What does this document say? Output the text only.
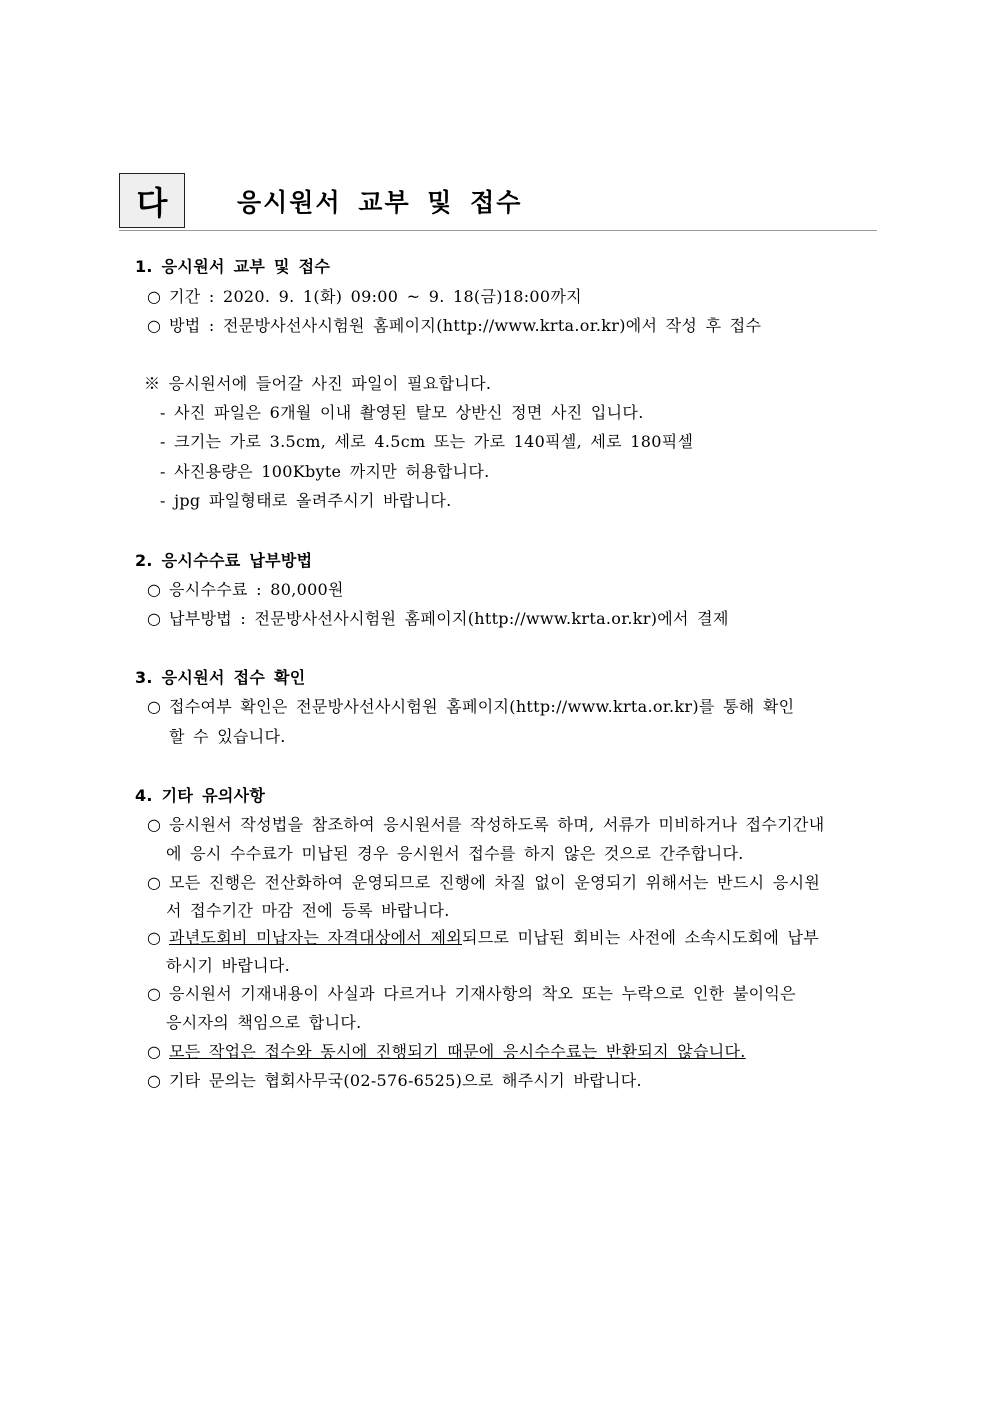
다	응시원서 교부 및 접수
1. 응시원서 교부 및 접수
○ 기간 : 2020. 9. 1(화) 09:00 ~ 9. 18(금)18:00까지
○ 방법 : 전문방사선사시험원 홈페이지(http://www.krta.or.kr)에서 작성 후 접수
※ 응시원서에 들어갈 사진 파일이 필요합니다.
- 사진 파일은 6개월 이내 촬영된 탈모 상반신 정면 사진 입니다.
- 크기는 가로 3.5cm, 세로 4.5cm 또는 가로 140픽셀, 세로 180픽셀
- 사진용량은 100Kbyte 까지만 허용합니다.
- jpg 파일형태로 올려주시기 바랍니다.
2. 응시수수료 납부방법
○ 응시수수료 : 80,000원
○ 납부방법 : 전문방사선사시험원 홈페이지(http://www.krta.or.kr)에서 결제
3. 응시원서 접수 확인
○ 접수여부 확인은 전문방사선사시험원 홈페이지(http://www.krta.or.kr)를 통해 확인
할 수 있습니다.
4. 기타 유의사항
○ 응시원서 작성법을 참조하여 응시원서를 작성하도록 하며, 서류가 미비하거나 접수기간내
에 응시 수수료가 미납된 경우 응시원서 접수를 하지 않은 것으로 간주합니다.
○ 모든 진행은 전산화하여 운영되므로 진행에 차질 없이 운영되기 위해서는 반드시 응시원
서 접수기간 마감 전에 등록 바랍니다.
○ 과년도회비 미납자는 자격대상에서 제외되므로 미납된 회비는 사전에 소속시도회에 납부
하시기 바랍니다.
○ 응시원서 기재내용이 사실과 다르거나 기재사항의 착오 또는 누락으로 인한 불이익은
응시자의 책임으로 합니다.
○ 모든 작업은 접수와 동시에 진행되기 때문에 응시수수료는 반환되지 않습니다.
○ 기타 문의는 협회사무국(02-576-6525)으로 해주시기 바랍니다.
